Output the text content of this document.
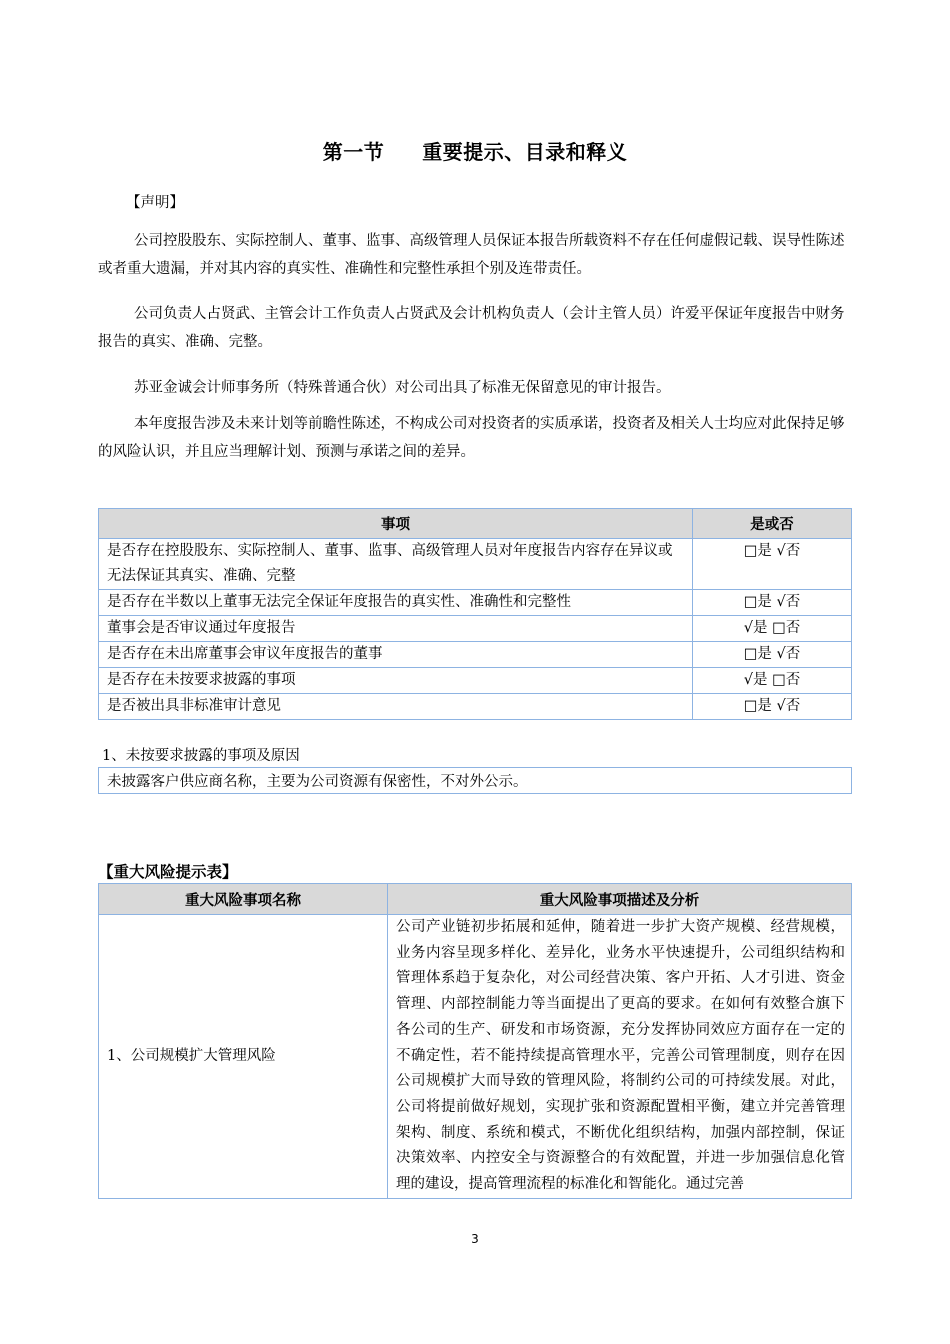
第一节 重要提示、目录和释义
【声明】
公司控股股东、实际控制人、董事、监事、高级管理人员保证本报告所载资料不存在任何虚假记载、误导性陈述或者重大遗漏，并对其内容的真实性、准确性和完整性承担个别及连带责任。
公司负责人占贤武、主管会计工作负责人占贤武及会计机构负责人（会计主管人员）许爱平保证年度报告中财务报告的真实、准确、完整。
苏亚金诚会计师事务所（特殊普通合伙）对公司出具了标准无保留意见的审计报告。
本年度报告涉及未来计划等前瞻性陈述，不构成公司对投资者的实质承诺，投资者及相关人士均应对此保持足够的风险认识，并且应当理解计划、预测与承诺之间的差异。
事项	是或否
是否存在控股股东、实际控制人、董事、监事、高级管理人员对年度报告内容存在异议或无法保证其真实、准确、完整	□是 √否
是否存在半数以上董事无法完全保证年度报告的真实性、准确性和完整性	□是 √否
董事会是否审议通过年度报告	√是 □否
是否存在未出席董事会审议年度报告的董事	□是 √否
是否存在未按要求披露的事项	√是 □否
是否被出具非标准审计意见	□是 √否
1、未按要求披露的事项及原因
未披露客户供应商名称，主要为公司资源有保密性，不对外公示。
【重大风险提示表】
重大风险事项名称	重大风险事项描述及分析
1、公司规模扩大管理风险	公司产业链初步拓展和延伸，随着进一步扩大资产规模、经营规模，业务内容呈现多样化、差异化，业务水平快速提升，公司组织结构和管理体系趋于复杂化，对公司经营决策、客户开拓、人才引进、资金管理、内部控制能力等当面提出了更高的要求。在如何有效整合旗下各公司的生产、研发和市场资源，充分发挥协同效应方面存在一定的不确定性，若不能持续提高管理水平，完善公司管理制度，则存在因公司规模扩大而导致的管理风险，将制约公司的可持续发展。对此，公司将提前做好规划，实现扩张和资源配置相平衡，建立并完善管理架构、制度、系统和模式，不断优化组织结构，加强内部控制，保证决策效率、内控安全与资源整合的有效配置，并进一步加强信息化管理的建设，提高管理流程的标准化和智能化。通过完善
3
